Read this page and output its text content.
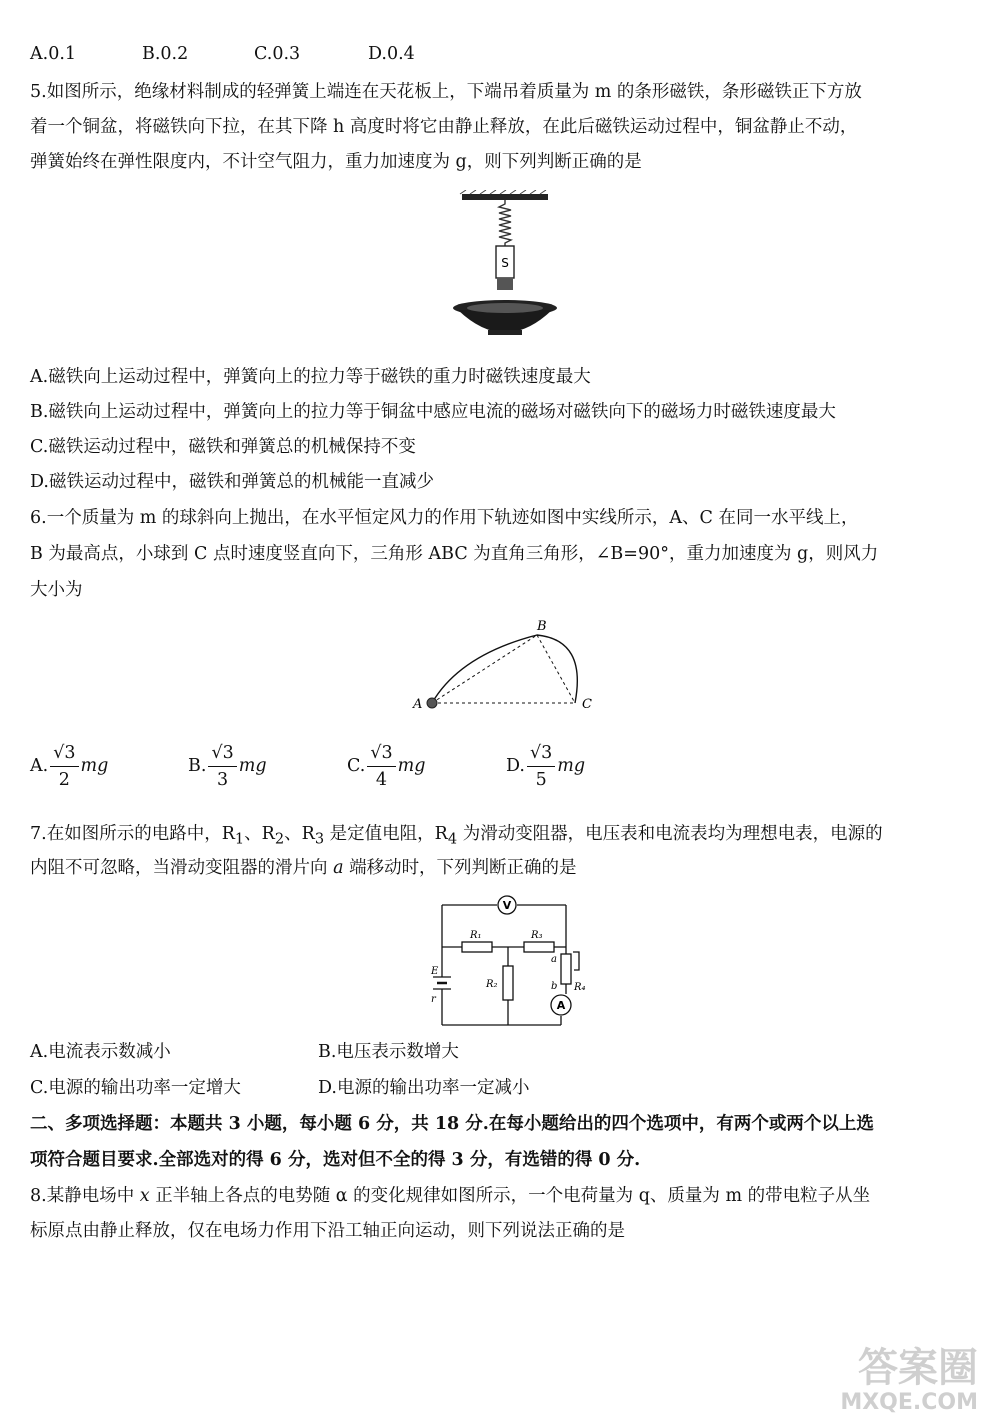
A.0.1	B.0.2	C.0.3	D.0.4
5.如图所示，绝缘材料制成的轻弹簧上端连在天花板上，下端吊着质量为 m 的条形磁铁，条形磁铁正下方放
着一个铜盆，将磁铁向下拉，在其下降 h 高度时将它由静止释放，在此后磁铁运动过程中，铜盆静止不动，
弹簧始终在弹性限度内，不计空气阻力，重力加速度为 g，则下列判断正确的是
S
A.磁铁向上运动过程中，弹簧向上的拉力等于磁铁的重力时磁铁速度最大
B.磁铁向上运动过程中，弹簧向上的拉力等于铜盆中感应电流的磁场对磁铁向下的磁场力时磁铁速度最大
C.磁铁运动过程中，磁铁和弹簧总的机械保持不变
D.磁铁运动过程中，磁铁和弹簧总的机械能一直减少
6.一个质量为 m 的球斜向上抛出，在水平恒定风力的作用下轨迹如图中实线所示，A、C 在同一水平线上，
B 为最高点，小球到 C 点时速度竖直向下，三角形 ABC 为直角三角形，∠B=90°，重力加速度为 g，则风力
大小为
A
B
C
A. $\frac{√3}{2}$ mg	B. $\frac{√3}{3}$ mg	C. $\frac{√3}{4}$ mg	D. $\frac{√3}{5}$ mg
7.在如图所示的电路中，$R_1$、$R_2$、$R_3$ 是定值电阻，$R_4$ 为滑动变阻器，电压表和电流表均为理想电表，电源的
内阻不可忽略，当滑动变阻器的滑片向 a 端移动时，下列判断正确的是
V
A
R₁	R₃
R₂	R₄
E
r
a
b
A.电流表示数减小	B.电压表示数增大
C.电源的输出功率一定增大	D.电源的输出功率一定减小
二、多项选择题：本题共 3 小题，每小题 6 分，共 18 分.在每小题给出的四个选项中，有两个或两个以上选
项符合题目要求.全部选对的得 6 分，选对但不全的得 3 分，有选错的得 0 分.
8.某静电场中 x 正半轴上各点的电势随 α 的变化规律如图所示，一个电荷量为 q、质量为 m 的带电粒子从坐
标原点由静止释放，仅在电场力作用下沿工轴正向运动，则下列说法正确的是
答案圈
MXQE.COM
